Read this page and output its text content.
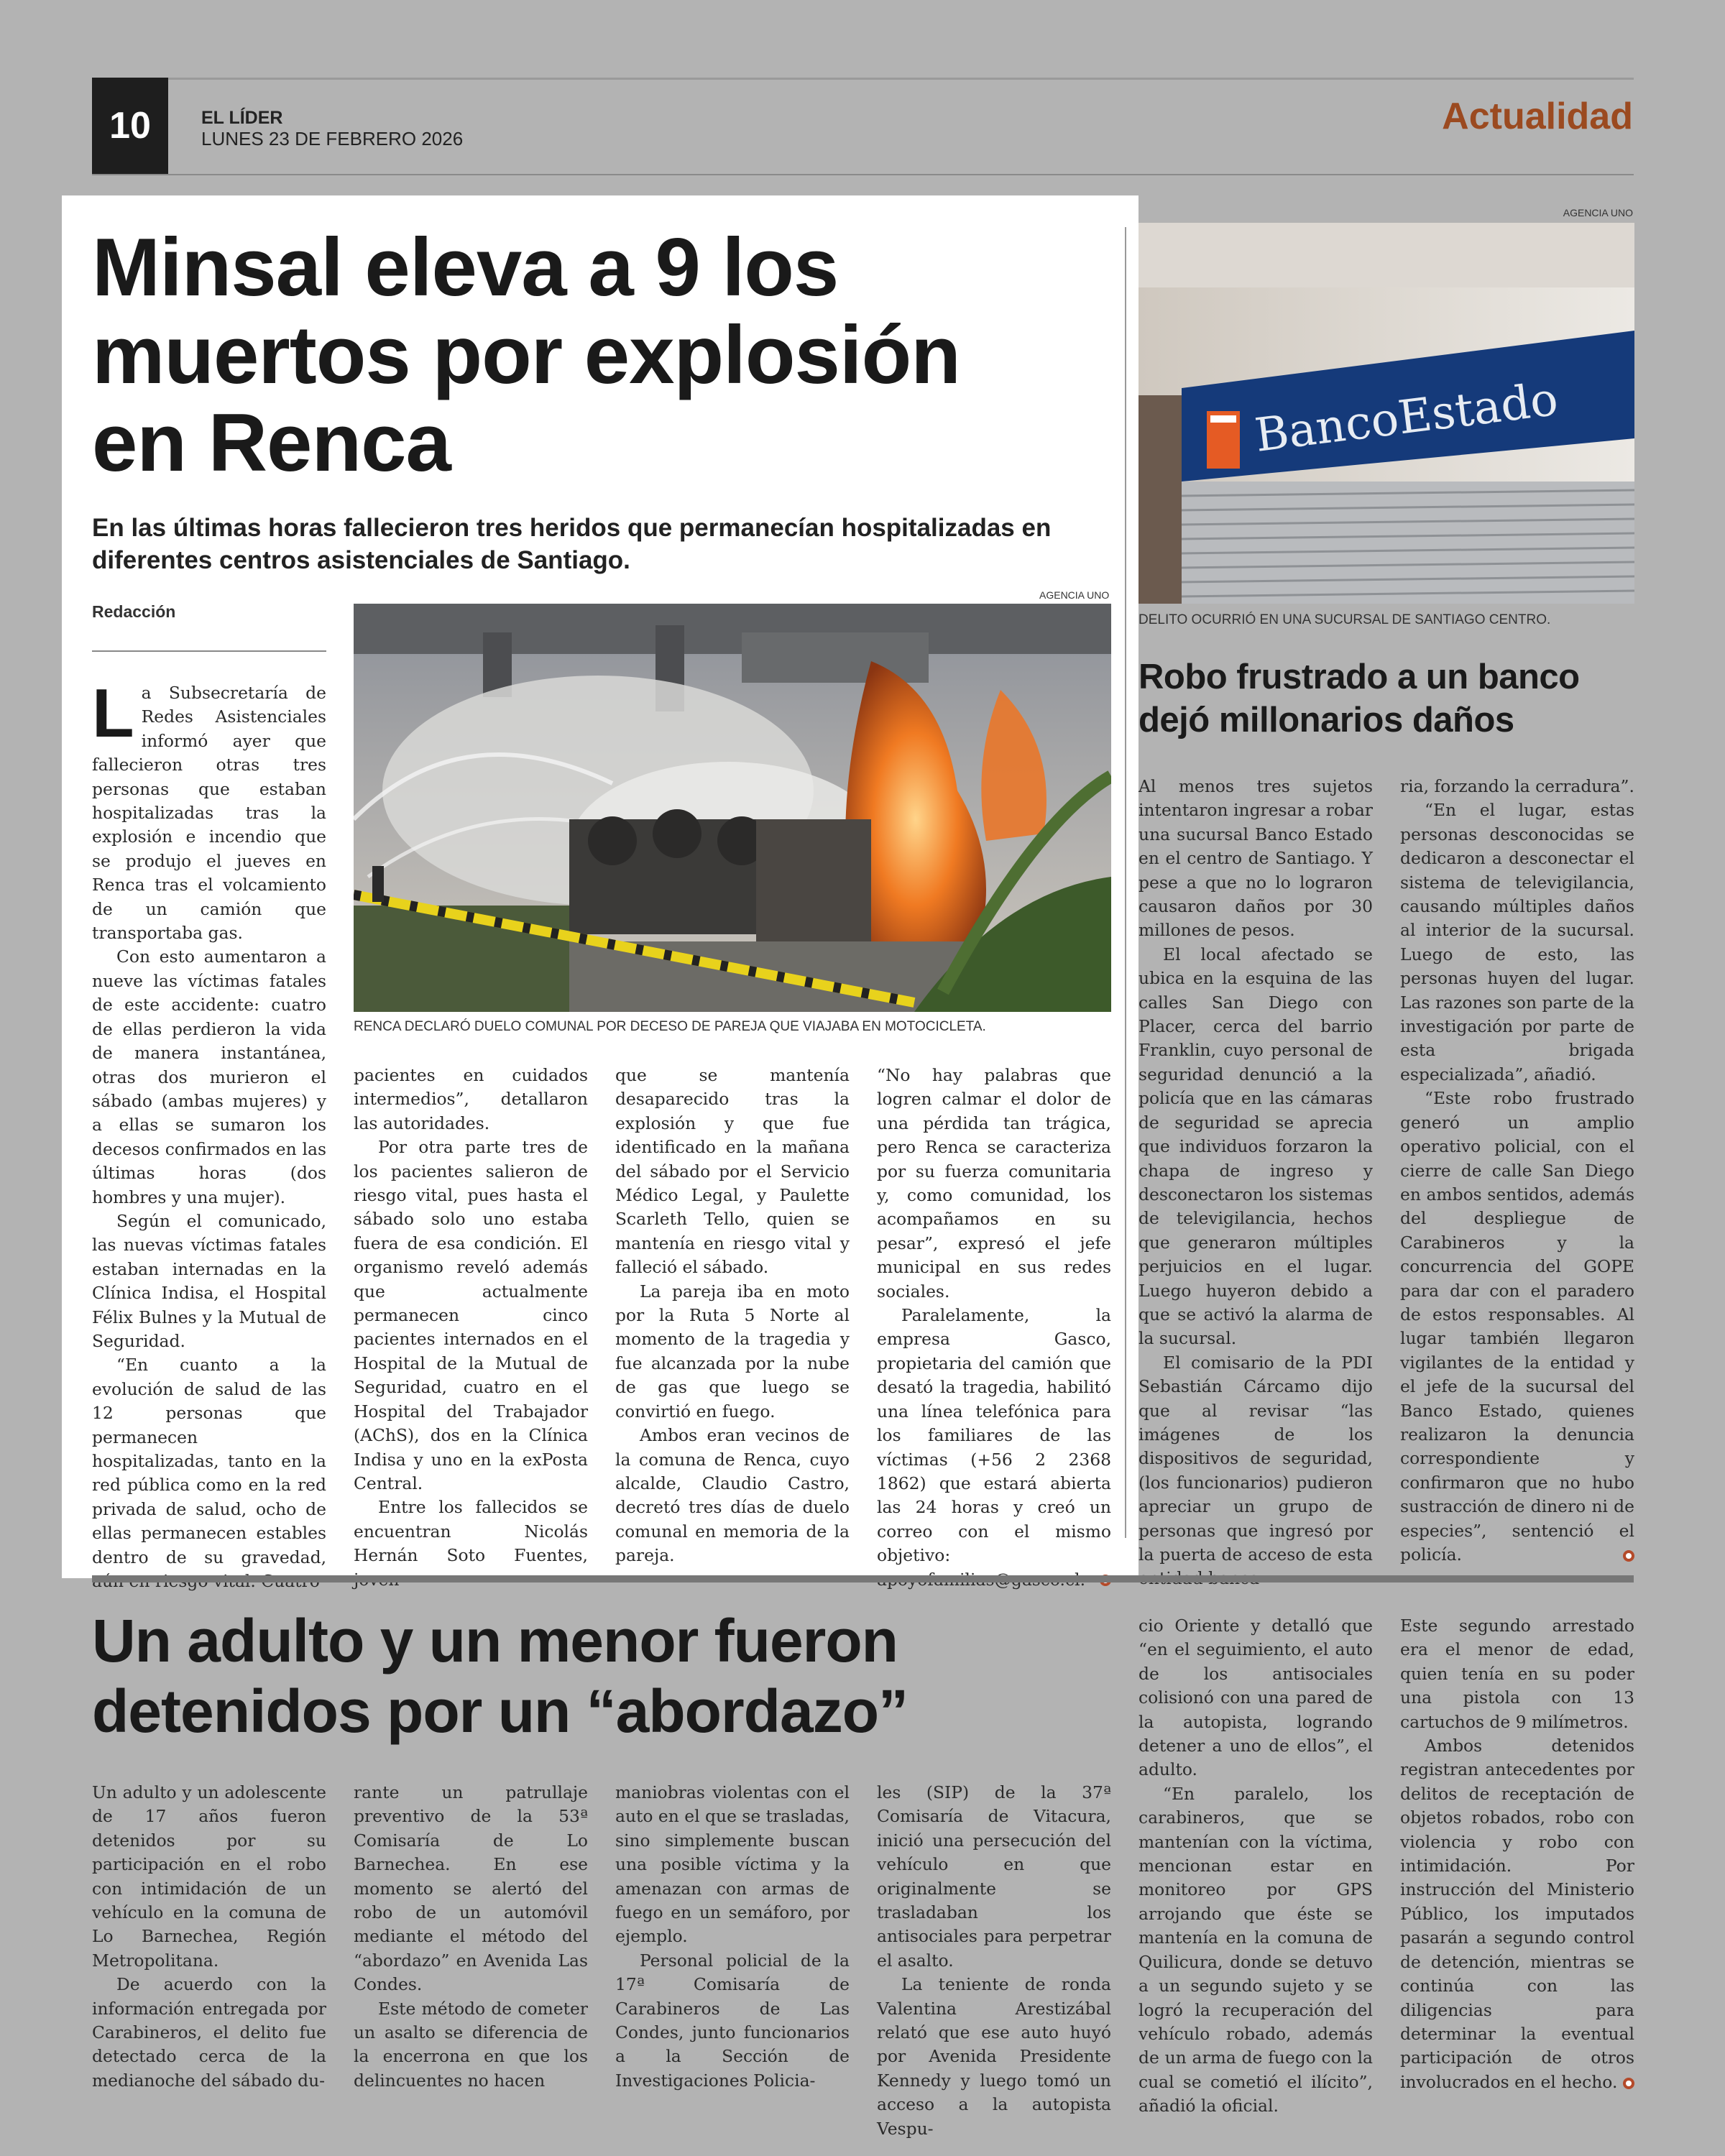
10	EL LÍDER
LUNES 23 DE FEBRERO 2026
Actualidad
Minsal eleva a 9 los
muertos por explosión
en Renca
En las últimas horas fallecieron tres heridos que permanecían hospitalizadas en diferentes centros asistenciales de Santiago.
Redacción
AGENCIA UNO
RENCA DECLARÓ DUELO COMUNAL POR DECESO DE PAREJA QUE VIAJABA EN MOTOCICLETA.

La Subsecretaría de Redes Asistenciales informó ayer que fallecieron otras tres personas que estaban hospitalizadas tras la explosión e incendio que se produjo el jueves en Renca tras el volcamiento de un camión que transportaba gas.

Con esto aumentaron a nueve las víctimas fatales de este accidente: cuatro de ellas perdieron la vida de manera instantánea, otras dos murieron el sábado (ambas mujeres) y a ellas se sumaron los decesos confirmados en las últimas horas (dos hombres y una mujer).

Según el comunicado, las nuevas víctimas fatales estaban internadas en la Clínica Indisa, el Hospital Félix Bulnes y la Mutual de Seguridad.

“En cuanto a la evolución de salud de las 12 personas que permanecen hospitalizadas, tanto en la red pública como en la red privada de salud, ocho de ellas permanecen estables dentro de su gravedad,

pacientes en cuidados intermedios”, detallaron las autoridades.

Por otra parte tres de los pacientes salieron de riesgo vital, pues hasta el sábado solo uno estaba fuera de esa condición. El organismo reveló además que actualmente permanecen cinco pacientes internados en el Hospital de la Mutual de Seguridad, cuatro en el Hospital del Trabajador (AChS), dos en la Clínica Indisa y uno en la exPosta Central.

Entre los fallecidos se encuentran Nicolás Hernán Soto Fuentes,

que se mantenía desaparecido tras la explosión y que fue identificado en la mañana del sábado por el Servicio Médico Legal, y Paulette Scarleth Tello, quien se mantenía en riesgo vital y falleció el sábado.

La pareja iba en moto por la Ruta 5 Norte al momento de la tragedia y fue alcanzada por la nube de gas que luego se convirtió en fuego.

Ambos eran vecinos de la comuna de Renca, cuyo alcalde, Claudio Castro, decretó tres días de duelo comunal en memoria de la pareja.

“No hay palabras que logren calmar el dolor de una pérdida tan trágica, pero Renca se caracteriza por su fuerza comunitaria y, como comunidad, los acompañamos en su pesar”, expresó el jefe municipal en sus redes sociales.

Paralelamente, la empresa Gasco, propietaria del camión que desató la tragedia, habilitó una línea telefónica para los familiares de las víctimas (+56 2 2368 1862) que estará abierta las 24 horas y creó un correo con el mismo objetivo:

AGENCIA UNO
BancoEstado
DELITO OCURRIÓ EN UNA SUCURSAL DE SANTIAGO CENTRO.
Robo frustrado a un banco
dejó millonarios daños

Al menos tres sujetos intentaron ingresar a robar una sucursal Banco Estado en el centro de Santiago. Y pese a que no lo lograron causaron daños por 30 millones de pesos.

El local afectado se ubica en la esquina de las calles San Diego con Placer, cerca del barrio Franklin, cuyo personal de seguridad denunció a la policía que en las cámaras de seguridad se aprecia que individuos forzaron la chapa de ingreso y desconectaron los sistemas de televigilancia, hechos que generaron múltiples perjuicios en el lugar. Luego huyeron debido a que se activó la alarma de la sucursal.

El comisario de la PDI Sebastián Cárcamo dijo que al revisar “las imágenes de los dispositivos de seguridad, (los funcionarios) pudieron apreciar un grupo de personas que ingresó por la puerta de acceso de esta

ria, forzando la cerradura”.

“En el lugar, estas personas desconocidas se dedicaron a desconectar el sistema de televigilancia, causando múltiples daños al interior de la sucursal. Luego de esto, las personas huyen del lugar. Las razones son parte de la investigación por parte de esta brigada especializada”, añadió.

“Este robo frustrado generó un amplio operativo policial, con el cierre de calle San Diego en ambos sentidos, además del despliegue de Carabineros y la concurrencia del GOPE para dar con el paradero de estos responsables. Al lugar también llegaron vigilantes de la entidad y el jefe de la sucursal del Banco Estado, quienes realizaron la denuncia correspondiente y confirmaron que no hubo sustracción de dinero ni de especies”, sentenció el policía.

Un adulto y un menor fueron
detenidos por un “abordazo”

Un adulto y un adolescente de 17 años fueron detenidos por su participación en el robo con intimidación de un vehículo en la comuna de Lo Barnechea, Región Metropolitana.

De acuerdo con la información entregada por Carabineros, el delito fue detectado cerca de la medianoche del sábado du-

rante un patrullaje preventivo de la 53ª Comisaría de Lo Barnechea. En ese momento se alertó del robo de un automóvil mediante el método del “abordazo” en Avenida Las Condes.

Este método de cometer un asalto se diferencia de la encerrona en que los delincuentes no hacen

maniobras violentas con el auto en el que se trasladas, sino simplemente buscan una posible víctima y la amenazan con armas de fuego en un semáforo, por ejemplo.

Personal policial de la 17ª Comisaría de Carabineros de Las Condes, junto funcionarios a la Sección de Investigaciones Policia-

les (SIP) de la 37ª Comisaría de Vitacura, inició una persecución del vehículo en que originalmente se trasladaban los antisociales para perpetrar el asalto.

La teniente de ronda Valentina Arestizábal relató que ese auto huyó por Avenida Presidente Kennedy y luego tomó un acceso a la autopista Vespu-

cio Oriente y detalló que “en el seguimiento, el auto de los antisociales colisionó con una pared de la autopista, logrando detener a uno de ellos”, el adulto.

“En paralelo, los carabineros, que se mantenían con la víctima, mencionan estar en monitoreo por GPS arrojando que éste se mantenía en la comuna de Quilicura, donde se detuvo a un segundo sujeto y se logró la recuperación del vehículo robado, además de un arma de fuego con la cual se cometió el ilícito”, añadió la oficial.

Este segundo arrestado era el menor de edad, quien tenía en su poder una pistola con 13 cartuchos de 9 milímetros.

Ambos detenidos registran antecedentes por delitos de receptación de objetos robados, robo con violencia y robo con intimidación. Por instrucción del Ministerio Público, los imputados pasarán a segundo control de detención, mientras se continúa con las diligencias para determinar la eventual participación de otros involucrados en el hecho.
